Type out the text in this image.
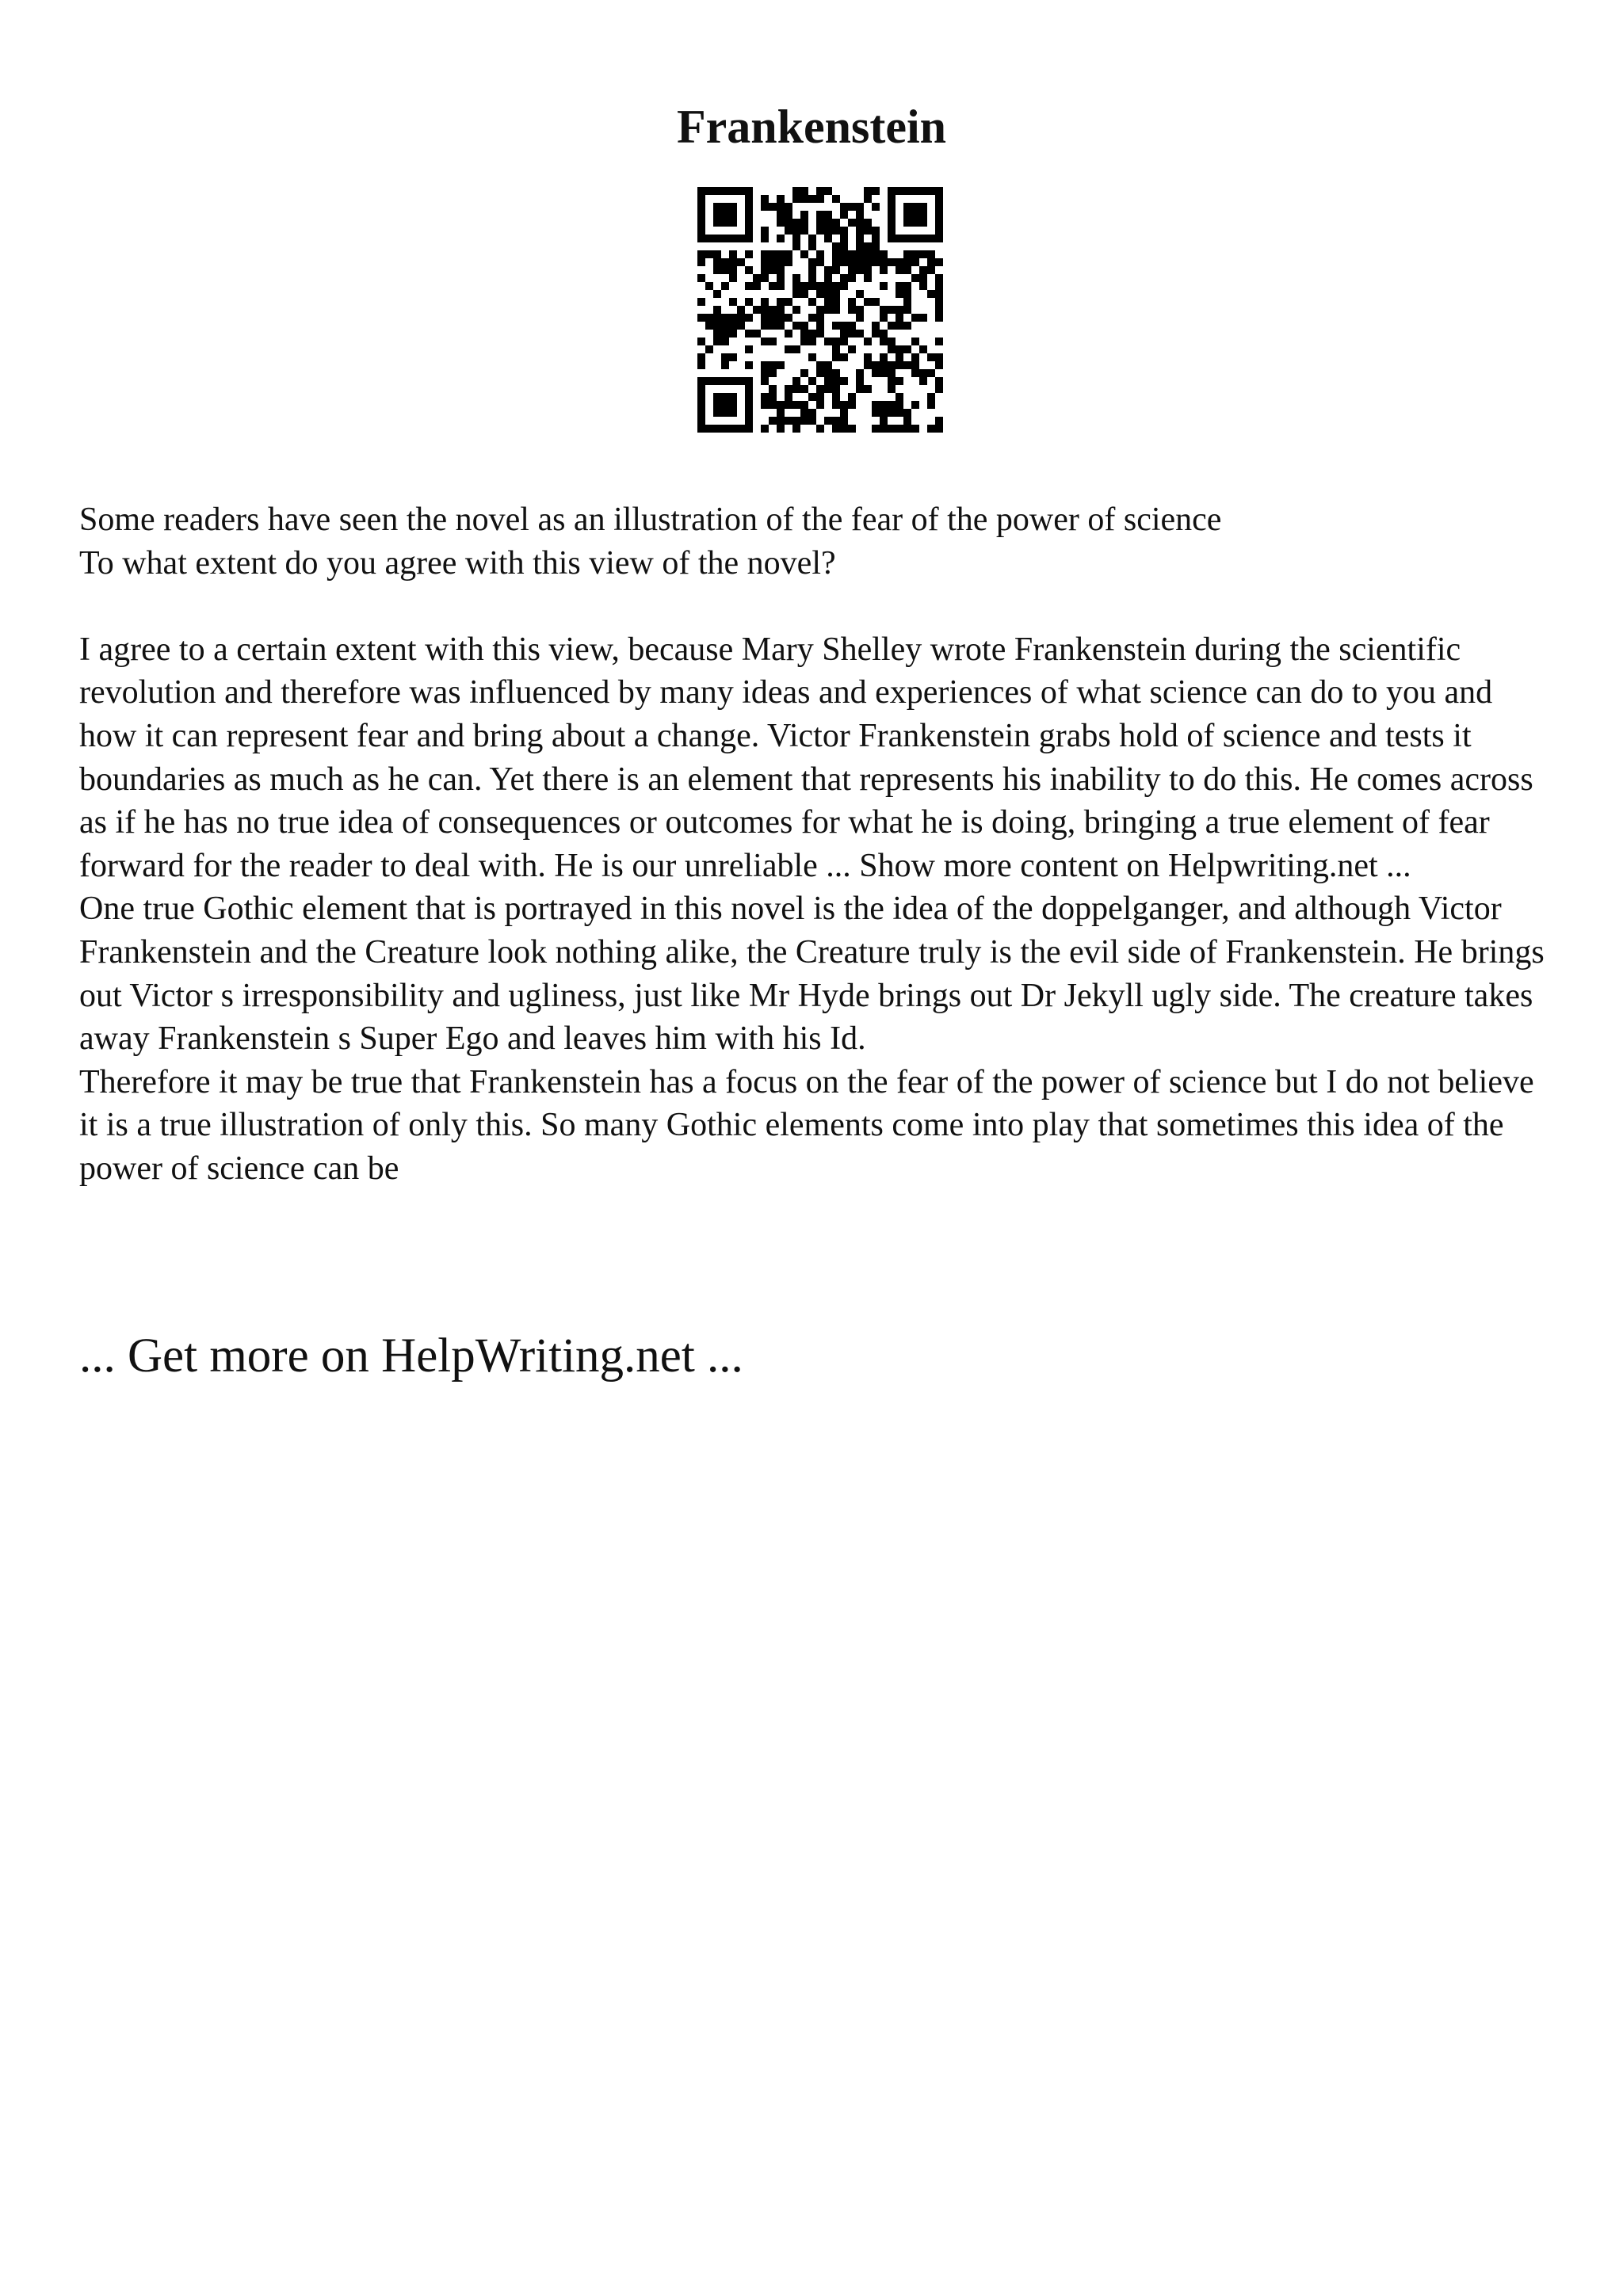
Frankenstein

Some readers have seen the novel as an illustration of the fear of the power of science

To what extent do you agree with this view of the novel?

I agree to a certain extent with this view, because Mary Shelley wrote Frankenstein during the scientific revolution and therefore was influenced by many ideas and experiences of what science can do to you and how it can represent fear and bring about a change. Victor Frankenstein grabs hold of science and tests it boundaries as much as he can. Yet there is an element that represents his inability to do this. He comes across as if he has no true idea of consequences or outcomes for what he is doing, bringing a true element of fear forward for the reader to deal with. He is our unreliable ... Show more content on Helpwriting.net ...

One true Gothic element that is portrayed in this novel is the idea of the doppelganger, and although Victor Frankenstein and the Creature look nothing alike, the Creature truly is the evil side of Frankenstein. He brings out Victor s irresponsibility and ugliness, just like Mr Hyde brings out Dr Jekyll ugly side. The creature takes away Frankenstein s Super Ego and leaves him with his Id.

Therefore it may be true that Frankenstein has a focus on the fear of the power of science but I do not believe it is a true illustration of only this. So many Gothic elements come into play that sometimes this idea of the power of science can be

... Get more on HelpWriting.net ...
